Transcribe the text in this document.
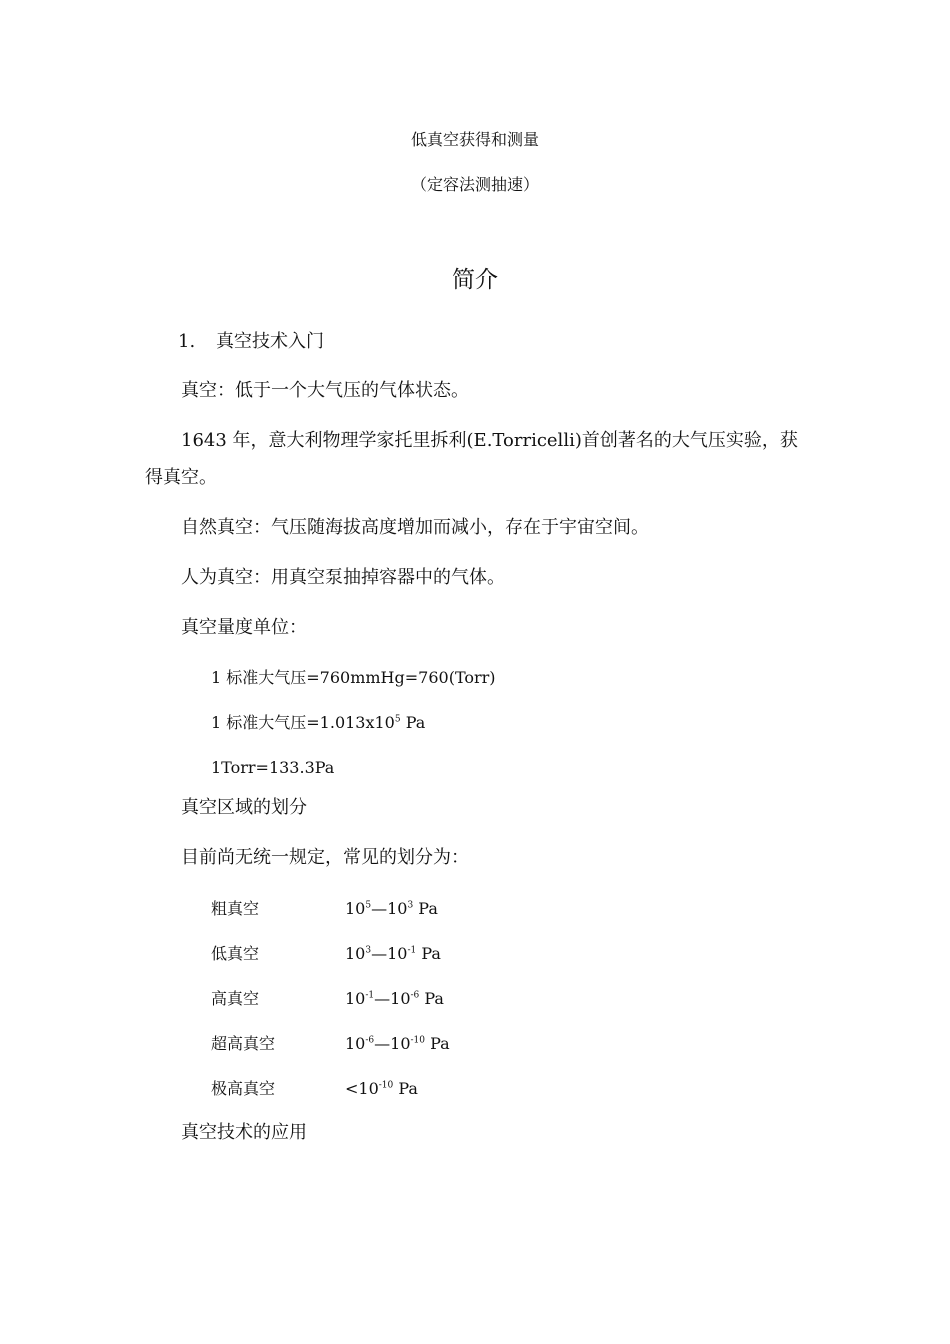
低真空获得和测量
（定容法测抽速）
简介
1. 真空技术入门
真空：低于一个大气压的气体状态。
1643 年，意大利物理学家托里拆利(E.Torricelli)首创著名的大气压实验，获
得真空。
自然真空：气压随海拔高度增加而减小，存在于宇宙空间。
人为真空：用真空泵抽掉容器中的气体。
真空量度单位：
1 标准大气压=760mmHg=760(Torr)
1 标准大气压$=1.013x10^5$ Pa
1Torr=133.3Pa
真空区域的划分
目前尚无统一规定，常见的划分为：
粗真空	$10^5—10^3$ Pa
低真空	$10^3—10^{-1}$ Pa
高真空	$10^{-1}—10^{-6}$ Pa
超高真空	$10^{-6}—10^{-10}$ Pa
极高真空	$<10^{-10}$ Pa
真空技术的应用
